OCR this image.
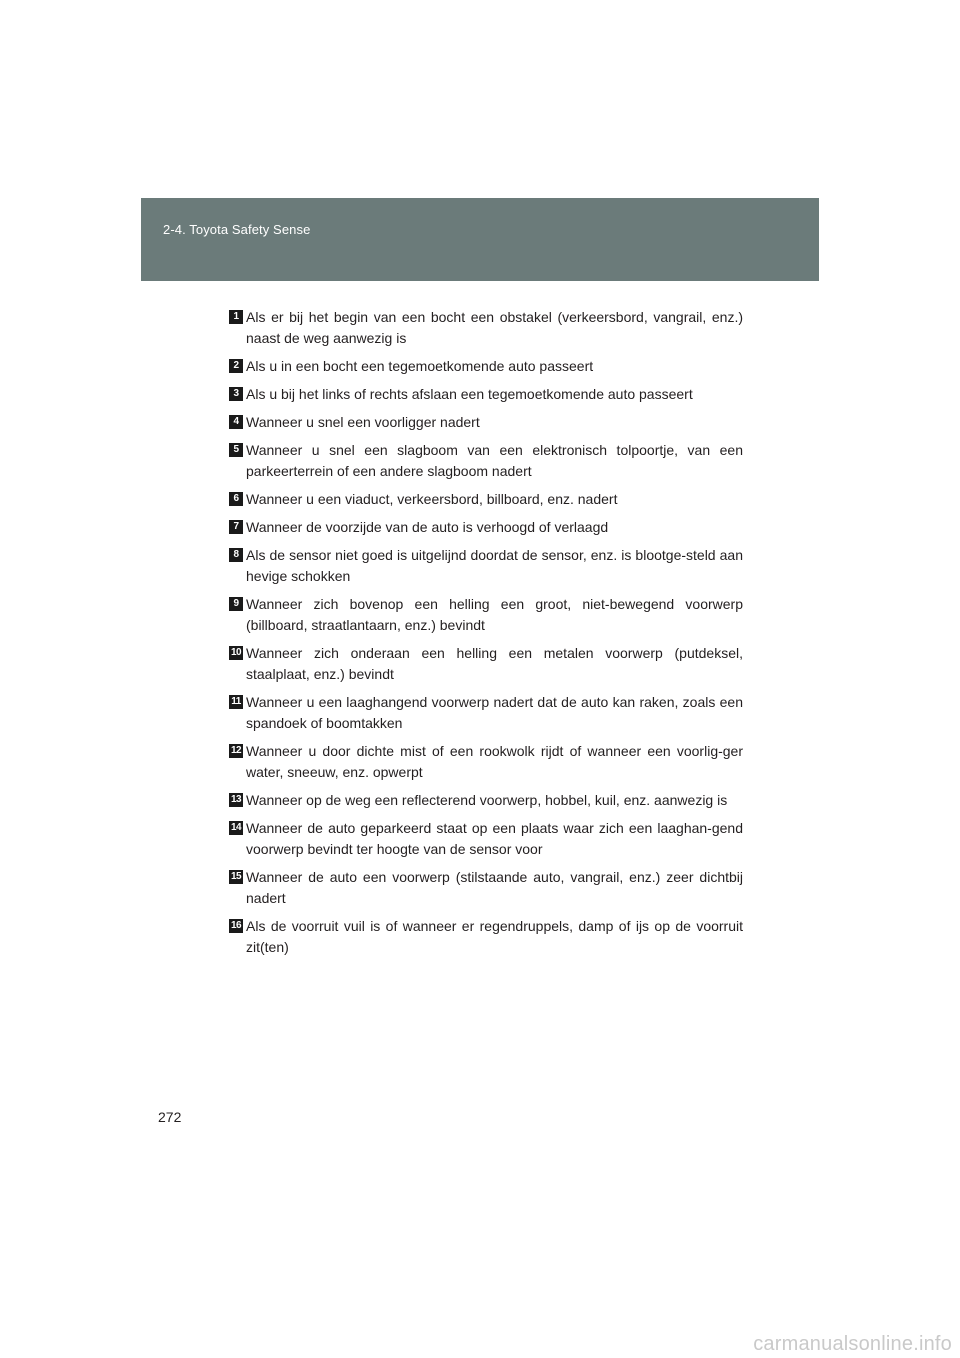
2-4. Toyota Safety Sense
1 Als er bij het begin van een bocht een obstakel (verkeersbord, vangrail, enz.) naast de weg aanwezig is
2 Als u in een bocht een tegemoetkomende auto passeert
3 Als u bij het links of rechts afslaan een tegemoetkomende auto passeert
4 Wanneer u snel een voorligger nadert
5 Wanneer u snel een slagboom van een elektronisch tolpoortje, van een parkeerterrein of een andere slagboom nadert
6 Wanneer u een viaduct, verkeersbord, billboard, enz. nadert
7 Wanneer de voorzijde van de auto is verhoogd of verlaagd
8 Als de sensor niet goed is uitgelijnd doordat de sensor, enz. is blootge-steld aan hevige schokken
9 Wanneer zich bovenop een helling een groot, niet-bewegend voorwerp (billboard, straatlantaarn, enz.) bevindt
10 Wanneer zich onderaan een helling een metalen voorwerp (putdeksel, staalplaat, enz.) bevindt
11 Wanneer u een laaghangend voorwerp nadert dat de auto kan raken, zoals een spandoek of boomtakken
12 Wanneer u door dichte mist of een rookwolk rijdt of wanneer een voorlig-ger water, sneeuw, enz. opwerpt
13 Wanneer op de weg een reflecterend voorwerp, hobbel, kuil, enz. aanwezig is
14 Wanneer de auto geparkeerd staat op een plaats waar zich een laaghan-gend voorwerp bevindt ter hoogte van de sensor voor
15 Wanneer de auto een voorwerp (stilstaande auto, vangrail, enz.) zeer dichtbij nadert
16 Als de voorruit vuil is of wanneer er regendruppels, damp of ijs op de voorruit zit(ten)
272
carmanualsonline.info
